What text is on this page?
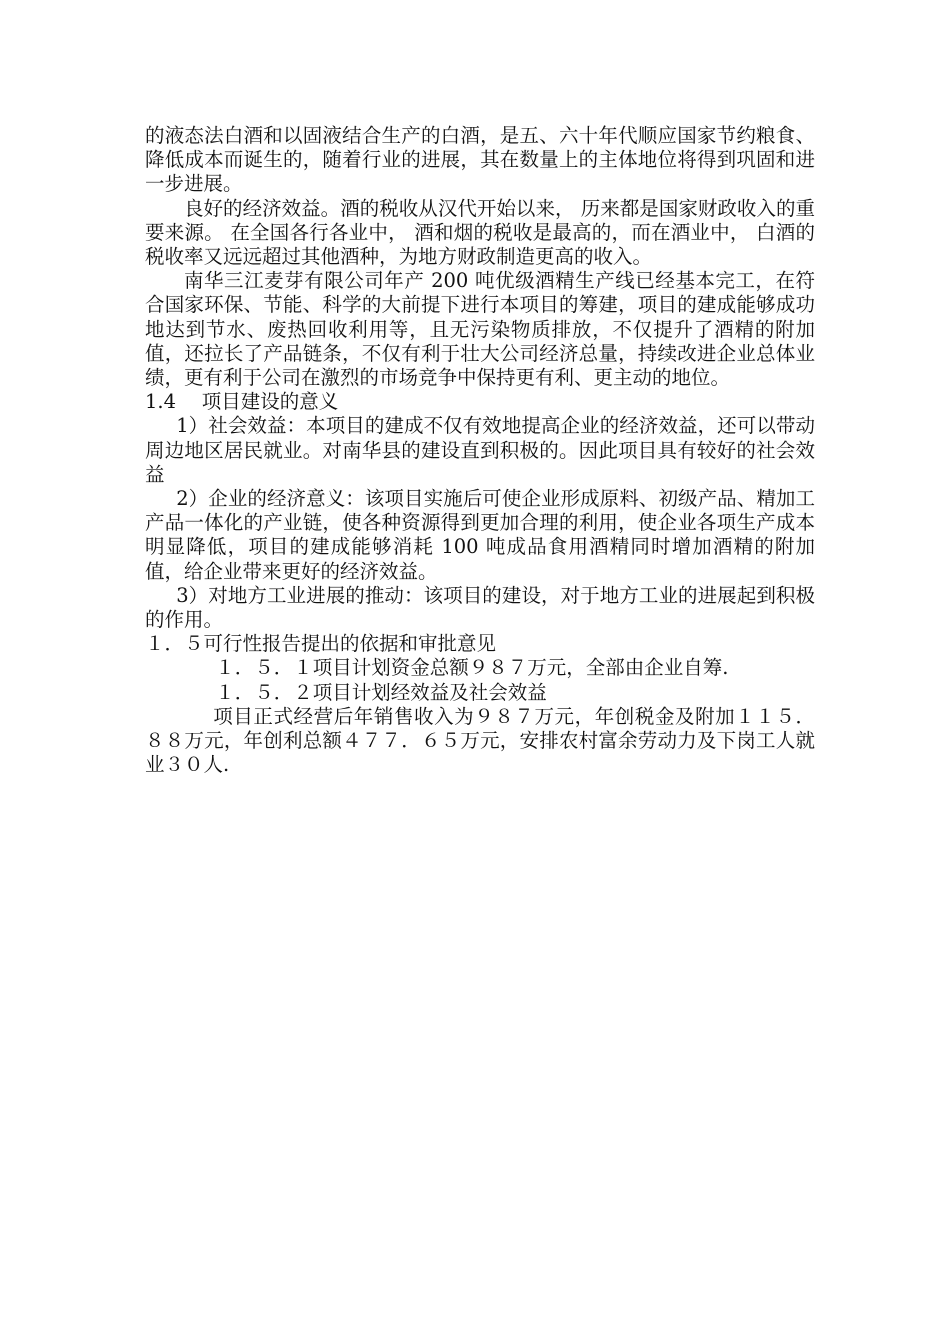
的液态法白酒和以固液结合生产的白酒，是五、六十年代顺应国家节约粮食、降低成本而诞生的，随着行业的进展，其在数量上的主体地位将得到巩固和进一步进展。

良好的经济效益。酒的税收从汉代开始以来， 历来都是国家财政收入的重要来源。 在全国各行各业中， 酒和烟的税收是最高的，而在酒业中， 白酒的税收率又远远超过其他酒种，为地方财政制造更高的收入。

南华三江麦芽有限公司年产 200 吨优级酒精生产线已经基本完工，在符合国家环保、节能、科学的大前提下进行本项目的筹建，项目的建成能够成功地达到节水、废热回收利用等，且无污染物质排放，不仅提升了酒精的附加值，还拉长了产品链条，不仅有利于壮大公司经济总量，持续改进企业总体业绩，更有利于公司在激烈的市场竞争中保持更有利、更主动的地位。

1.4　 项目建设的意义

1）社会效益：本项目的建成不仅有效地提高企业的经济效益，还可以带动周边地区居民就业。对南华县的建设直到积极的。因此项目具有较好的社会效益

2）企业的经济意义：该项目实施后可使企业形成原料、初级产品、精加工产品一体化的产业链，使各种资源得到更加合理的利用，使企业各项生产成本明显降低，项目的建成能够消耗 100 吨成品食用酒精同时增加酒精的附加值，给企业带来更好的经济效益。

3）对地方工业进展的推动：该项目的建设，对于地方工业的进展起到积极的作用。

１．５可行性报告提出的依据和审批意见

１．５．１项目计划资金总额９８７万元，全部由企业自筹.

１．５．２项目计划经效益及社会效益

项目正式经营后年销售收入为９８７万元，年创税金及附加１１５．８８万元，年创利总额４７７．６５万元，安排农村富余劳动力及下岗工人就业３０人.
